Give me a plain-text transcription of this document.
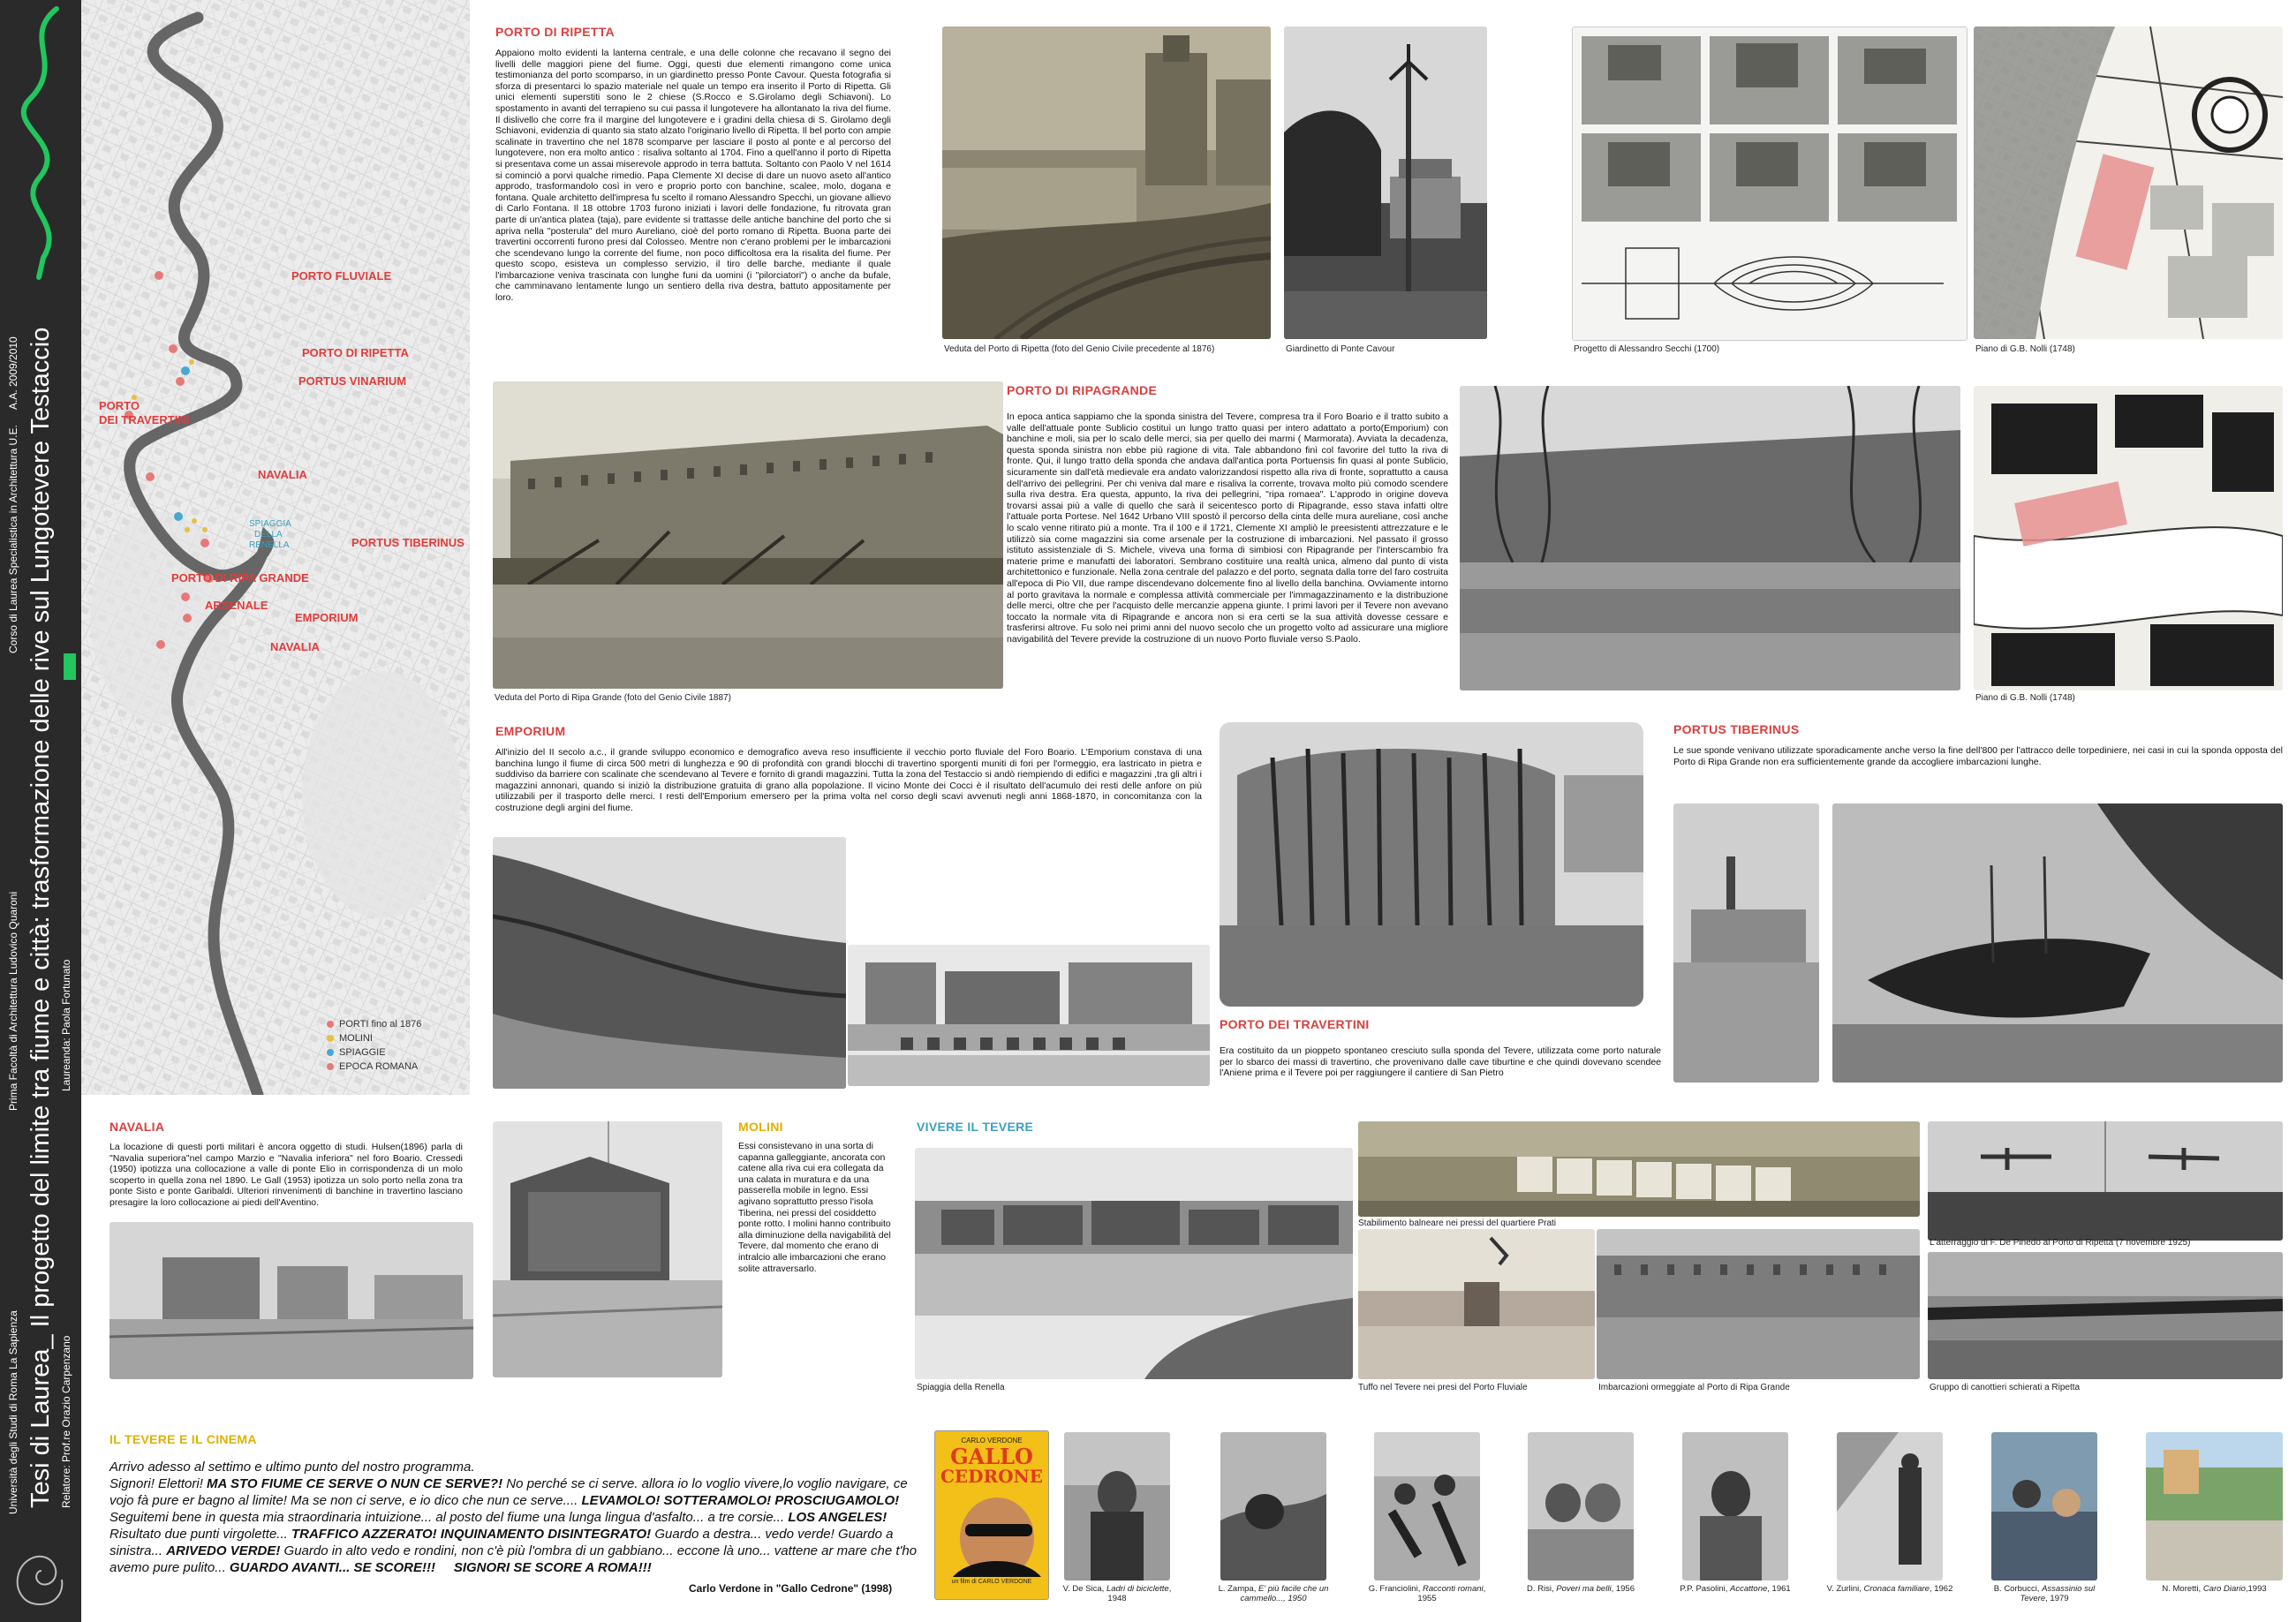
Università degli Studi di Roma La Sapienza
Prima Facoltà di Architettura Ludovico Quaroni
Corso di Laurea Specialistica in Architettura U.E.
A.A. 2009/2010 Tesi di Laurea_ Il progetto del limite tra fiume e città: trasformazione delle rive sul Lungotevere Testaccio Relatore: Prof.re Orazio Carpenzano
Laureanda: Paola Fortunato
PORTO FLUVIALE
PORTO DI RIPETTA
PORTUS VINARIUM
PORTO
DEI TRAVERTINI
NAVALIA
SPIAGGIA
DELLA
RENELLA	PORTUS TIBERINUS
PORTO DI RIPA GRANDE
ARSENALE
EMPORIUM
NAVALIA
PORTI fino al 1876
MOLINI
SPIAGGIE
EPOCA ROMANA
PORTO DI RIPETTA
Appaiono molto evidenti la lanterna centrale, e una delle colonne che recavano il segno dei livelli delle maggiori piene del fiume. Oggi, questi due elementi rimangono come unica testimonianza del porto scomparso, in un giardinetto presso Ponte Cavour. Questa fotografia si sforza di presentarci lo spazio materiale nel quale un tempo era inserito il Porto di Ripetta. Gli unici elementi superstiti sono le 2 chiese (S.Rocco e S.Girolamo degli Schiavoni). Lo spostamento in avanti del terrapieno su cui passa il lungotevere ha allontanato la riva del fiume. Il dislivello che corre fra il margine del lungotevere e i gradini della chiesa di S. Girolamo degli Schiavoni, evidenzia di quanto sia stato alzato l'originario livello di Ripetta. Il bel porto con ampie scalinate in travertino che nel 1878 scomparve per lasciare il posto al ponte e al percorso del lungotevere, non era molto antico : risaliva soltanto al 1704. Fino a quell'anno il porto di Ripetta si presentava come un assai miserevole approdo in terra battuta. Soltanto con Paolo V nel 1614 si cominciò a porvi qualche rimedio. Papa Clemente XI decise di dare un nuovo aseto all'antico approdo, trasformandolo così in vero e proprio porto con banchine, scalee, molo, dogana e fontana. Quale architetto dell'impresa fu scelto il romano Alessandro Specchi, un giovane allievo di Carlo Fontana. Il 18 ottobre 1703 furono iniziati i lavori delle fondazione, fu ritrovata gran parte di un'antica platea (taja), pare evidente si trattasse delle antiche banchine del porto che si apriva nella "posterula" del muro Aureliano, cioè del porto romano di Ripetta. Buona parte dei travertini occorrenti furono presi dal Colosseo. Mentre non c'erano problemi per le imbarcazioni che scendevano lungo la corrente del fiume, non poco difficoltosa era la risalita del fiume. Per questo scopo, esisteva un complesso servizio, il tiro delle barche, mediante il quale l'imbarcazione veniva trascinata con lunghe funi da uomini (i "pilorciatori") o anche da bufale, che camminavano lentamente lungo un sentiero della riva destra, battuto appositamente per loro.
Veduta del Porto di Ripetta (foto del Genio Civile precedente al 1876)	Giardinetto di Ponte Cavour	Progetto di Alessandro Secchi (1700)	Piano di G.B. Nolli (1748)
Veduta del Porto di Ripa Grande (foto del Genio Civile 1887)
PORTO DI RIPAGRANDE
In epoca antica sappiamo che la sponda sinistra del Tevere, compresa tra il Foro Boario e il tratto subito a valle dell'attuale ponte Sublicio costituì un lungo tratto quasi per intero adattato a porto(Emporium) con banchine e moli, sia per lo scalo delle merci, sia per quello dei marmi ( Marmorata). Avviata la decadenza, questa sponda sinistra non ebbe più ragione di vita. Tale abbandono finì col favorire del tutto la riva di fronte. Qui, il lungo tratto della sponda che andava dall'antica porta Portuensis fin quasi al ponte Sublicio, sicuramente sin dall'età medievale era andato valorizzandosi rispetto alla riva di fronte, soprattutto a causa dell'arrivo dei pellegrini. Per chi veniva dal mare e risaliva la corrente, trovava molto più comodo scendere sulla riva destra. Era questa, appunto, la riva dei pellegrini, "ripa romaea". L'approdo in origine doveva trovarsi assai più a valle di quello che sarà il seicentesco porto di Ripagrande, esso stava infatti oltre l'attuale porta Portese. Nel 1642 Urbano VIII spostò il percorso della cinta delle mura aureliane, così anche lo scalo venne ritirato più a monte. Tra il 100 e il 1721, Clemente XI ampliò le preesistenti attrezzature e le utilizzò sia come magazzini sia come arsenale per la costruzione di imbarcazioni. Nel passato il grosso istituto assistenziale di S. Michele, viveva una forma di simbiosi con Ripagrande per l'interscambio fra materie prime e manufatti dei laboratori. Sembrano costituire una realtà unica, almeno dal punto di vista architettonico e funzionale. Nella zona centrale del palazzo e del porto, segnata dalla torre del faro costruita all'epoca di Pio VII, due rampe discendevano dolcemente fino al livello della banchina. Ovviamente intorno al porto gravitava la normale e complessa attività commerciale per l'immagazzinamento e la distribuzione delle merci, oltre che per l'acquisto delle mercanzie appena giunte. I primi lavori per il Tevere non avevano toccato la normale vita di Ripagrande e ancora non si era certi se la sua attività dovesse cessare e trasferirsi altrove. Fu solo nei primi anni del nuovo secolo che un progetto volto ad assicurare una migliore navigabilità del Tevere previde la costruzione di un nuovo Porto fluviale verso S.Paolo.
Piano di G.B. Nolli (1748)
EMPORIUM
All'inizio del II secolo a.c., il grande sviluppo economico e demografico aveva reso insufficiente il vecchio porto fluviale del Foro Boario. L'Emporium constava di una banchina lungo il fiume di circa 500 metri di lunghezza e 90 di profondità con grandi blocchi di travertino sporgenti muniti di fori per l'ormeggio, era lastricato in pietra e suddiviso da barriere con scalinate che scendevano al Tevere e fornito di grandi magazzini. Tutta la zona del Testaccio si andò riempiendo di edifici e magazzini ,tra gli altri i magazzini annonari, quando si iniziò la distribuzione gratuita di grano alla popolazione. Il vicino Monte dei Cocci è il risultato dell'acumulo dei resti delle anfore on più utilizzabili per il trasporto delle merci. I resti dell'Emporium emersero per la prima volta nel corso degli scavi avvenuti negli anni 1868-1870, in concomitanza con la costruzione degli argini del fiume.
PORTO DEI TRAVERTINI
Era costituito da un pioppeto spontaneo cresciuto sulla sponda del Tevere, utilizzata come porto naturale per lo sbarco dei massi di travertino, che provenivano dalle cave tiburtine e che quindi dovevano scendee l'Aniene prima e il Tevere poi per raggiungere il cantiere di San Pietro
PORTUS TIBERINUS
Le sue sponde venivano utilizzate sporadicamente anche verso la fine dell'800 per l'attracco delle torpediniere, nei casi in cui la sponda opposta del Porto di Ripa Grande non era sufficientemente grande da accogliere imbarcazioni lunghe.
NAVALIA
La locazione di questi porti militari è ancora oggetto di studi. Hulsen(1896) parla di "Navalia superiora"nel campo Marzio e "Navalia inferiora" nel foro Boario. Cressedi (1950) ipotizza una collocazione a valle di ponte Elio in corrispondenza di un molo scoperto in quella zona nel 1890. Le Gall (1953) ipotizza un solo porto nella zona tra ponte Sisto e ponte Garibaldi. Ulteriori rinvenimenti di banchine in travertino lasciano presagire la loro collocazione ai piedi dell'Aventino.
MOLINI
Essi consistevano in una sorta di capanna galleggiante, ancorata con catene alla riva cui era collegata da una calata in muratura e da una passerella mobile in legno. Essi agivano soprattutto presso l'isola Tiberina, nei pressi del cosiddetto ponte rotto. I molini hanno contribuito alla diminuzione della navigabilità del Tevere, dal momento che erano di intralcio alle imbarcazioni che erano solite attraversarlo.
VIVERE IL TEVERE
Spiaggia della Renella
Stabilimento balneare nei pressi del quartiere Prati
L'atterraggio di F. De Pinedo al Porto di Ripetta (7 novembre 1925)
Tuffo nel Tevere nei presi del Porto Fluviale	Imbarcazioni ormeggiate al Porto di Ripa Grande	Gruppo di canottieri schierati a Ripetta
IL TEVERE E IL CINEMA
Arrivo adesso al settimo e ultimo punto del nostro programma.
Signori! Elettori! MA STO FIUME CE SERVE O NUN CE SERVE?! No perché se ci serve. allora io lo voglio vivere,lo voglio navigare, ce vojo fà pure er bagno al limite! Ma se non ci serve, e io dico che nun ce serve.... LEVAMOLO! SOTTERAMOLO! PROSCIUGAMOLO! Seguitemi bene in questa mia straordinaria intuizione... al posto del fiume una lunga lingua d'asfalto... a tre corsie... LOS ANGELES! Risultato due punti virgolette... TRAFFICO AZZERATO! INQUINAMENTO DISINTEGRATO! Guardo a destra... vedo verde! Guardo a sinistra... ARIVEDO VERDE! Guardo in alto vedo e rondini, non c'è più l'ombra di un gabbiano... eccone là uno... vattene ar mare che t'ho avemo pure pulito... GUARDO AVANTI... SE SCORE!!! SIGNORI SE SCORE A ROMA!!!
Carlo Verdone in "Gallo Cedrone" (1998)
CARLO VERDONE
GALLO
CEDRONE
un film di CARLO VERDONE
V. De Sica, Ladri di biciclette, 1948
L. Zampa, E' più facile che un
cammello..., 1950
G. Franciolini, Racconti romani, 1955
D. Risi, Poveri ma belli, 1956	P.P. Pasolini, Accattone, 1961	V. Zurlini, Cronaca familiare, 1962	B. Corbucci, Assassinio sul
Tevere, 1979
N. Moretti, Caro Diario,1993
